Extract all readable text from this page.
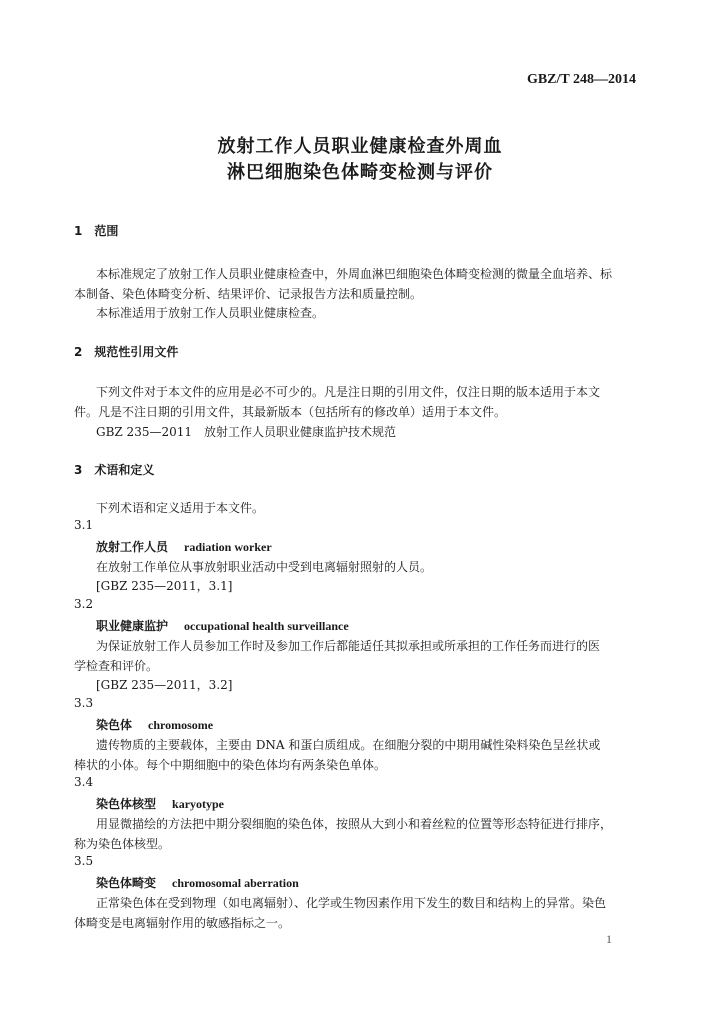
GBZ/T 248—2014
放射工作人员职业健康检查外周血
淋巴细胞染色体畸变检测与评价
1　范围
本标准规定了放射工作人员职业健康检查中，外周血淋巴细胞染色体畸变检测的微量全血培养、标
本制备、染色体畸变分析、结果评价、记录报告方法和质量控制。
本标准适用于放射工作人员职业健康检查。
2　规范性引用文件
下列文件对于本文件的应用是必不可少的。凡是注日期的引用文件，仅注日期的版本适用于本文
件。凡是不注日期的引用文件，其最新版本（包括所有的修改单）适用于本文件。
GBZ 235—2011　放射工作人员职业健康监护技术规范
3　术语和定义
下列术语和定义适用于本文件。
3.1
放射工作人员 radiation worker
在放射工作单位从事放射职业活动中受到电离辐射照射的人员。
[GBZ 235—2011，3.1]
3.2
职业健康监护 occupational health surveillance
为保证放射工作人员参加工作时及参加工作后都能适任其拟承担或所承担的工作任务而进行的医
学检查和评价。
[GBZ 235—2011，3.2]
3.3
染色体 chromosome
遗传物质的主要载体，主要由 DNA 和蛋白质组成。在细胞分裂的中期用碱性染料染色呈丝状或
棒状的小体。每个中期细胞中的染色体均有两条染色单体。
3.4
染色体核型 karyotype
用显微描绘的方法把中期分裂细胞的染色体，按照从大到小和着丝粒的位置等形态特征进行排序，
称为染色体核型。
3.5
染色体畸变 chromosomal aberration
正常染色体在受到物理（如电离辐射）、化学或生物因素作用下发生的数目和结构上的异常。染色
体畸变是电离辐射作用的敏感指标之一。
1
